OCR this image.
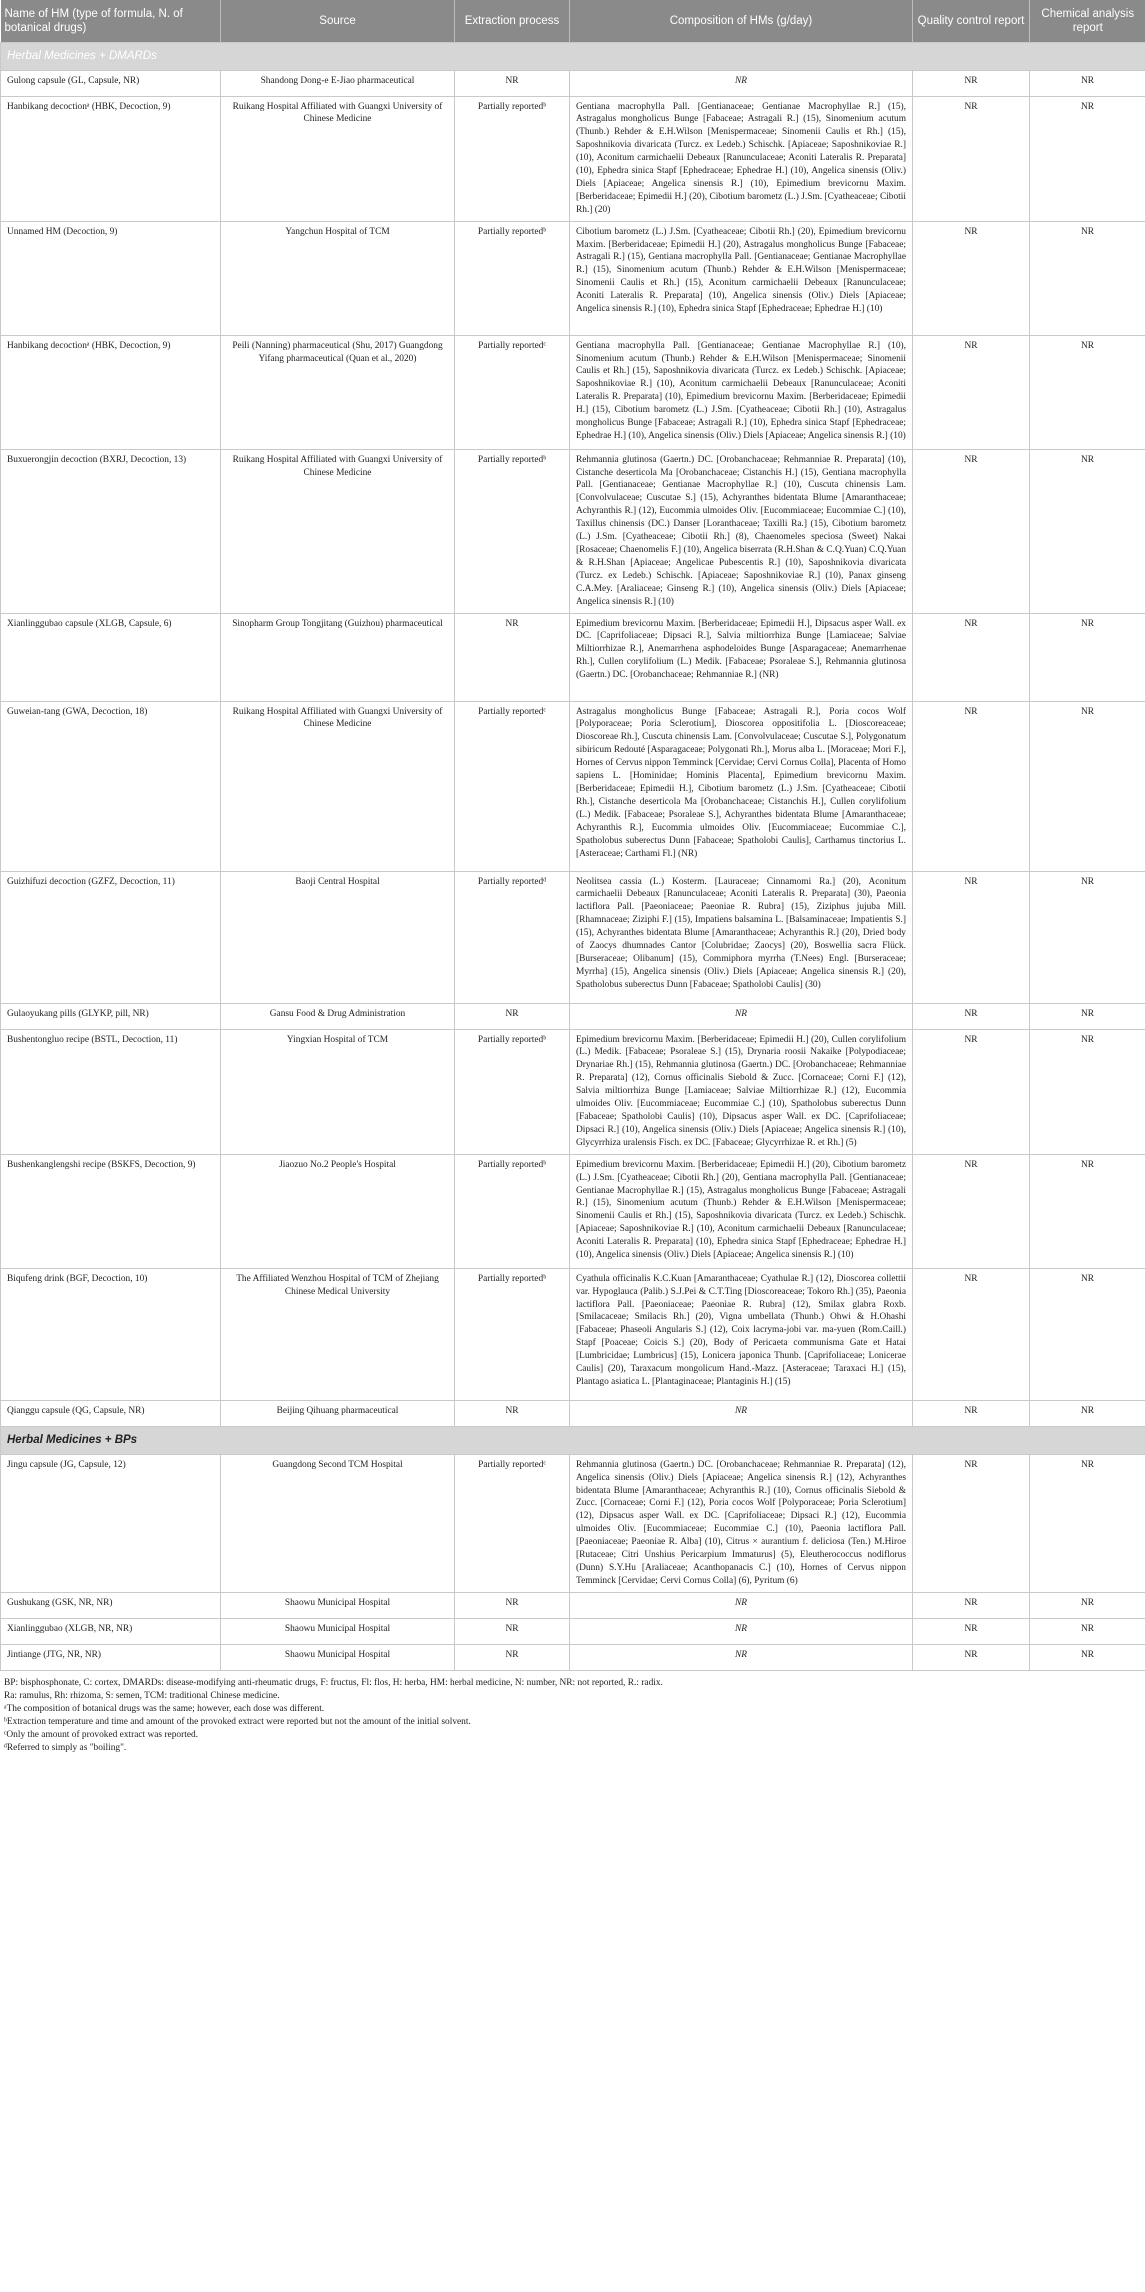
Name of HM (type of formula, N. of botanical drugs)	Source	Extraction process	Composition of HMs (g/day)	Quality control report	Chemical analysis report
Herbal Medicines + DMARDs					
Gulong capsule (GL, Capsule, NR)	Shandong Dong-e E-Jiao pharmaceutical	NR	NR	NR	NR
Hanbikang decoctionᵃ (HBK, Decoction, 9)	Ruikang Hospital Affiliated with Guangxi University of Chinese Medicine	Partially reportedᵇ	Gentiana macrophylla Pall. [Gentianaceae; Gentianae Macrophyllae R.] (15), Astragalus mongholicus Bunge [Fabaceae; Astragali R.] (15), Sinomenium acutum (Thunb.) Rehder & E.H.Wilson [Menispermaceae; Sinomenii Caulis et Rh.] (15), Saposhnikovia divaricata (Turcz. ex Ledeb.) Schischk. [Apiaceae; Saposhnikoviae R.] (10), Aconitum carmichaelii Debeaux [Ranunculaceae; Aconiti Lateralis R. Preparata] (10), Ephedra sinica Stapf [Ephedraceae; Ephedrae H.] (10), Angelica sinensis (Oliv.) Diels [Apiaceae; Angelica sinensis R.] (10), Epimedium brevicornu Maxim. [Berberidaceae; Epimedii H.] (20), Cibotium barometz (L.) J.Sm. [Cyatheaceae; Cibotii Rh.] (20)	NR	NR
Unnamed HM (Decoction, 9)	Yangchun Hospital of TCM	Partially reportedᵇ	Cibotium barometz (L.) J.Sm. [Cyatheaceae; Cibotii Rh.] (20), Epimedium brevicornu Maxim. [Berberidaceae; Epimedii H.] (20), Astragalus mongholicus Bunge [Fabaceae; Astragali R.] (15), Gentiana macrophylla Pall. [Gentianaceae; Gentianae Macrophyllae R.] (15), Sinomenium acutum (Thunb.) Rehder & E.H.Wilson [Menispermaceae; Sinomenii Caulis et Rh.] (15), Aconitum carmichaelii Debeaux [Ranunculaceae; Aconiti Lateralis R. Preparata] (10), Angelica sinensis (Oliv.) Diels [Apiaceae; Angelica sinensis R.] (10), Ephedra sinica Stapf [Ephedraceae; Ephedrae H.] (10)	NR	NR
Hanbikang decoctionᵃ (HBK, Decoction, 9)	Peili (Nanning) pharmaceutical (Shu, 2017) Guangdong Yifang pharmaceutical (Quan et al., 2020)	Partially reportedᶜ	Gentiana macrophylla Pall. [Gentianaceae; Gentianae Macrophyllae R.] (10), Sinomenium acutum (Thunb.) Rehder & E.H.Wilson [Menispermaceae; Sinomenii Caulis et Rh.] (15), Saposhnikovia divaricata (Turcz. ex Ledeb.) Schischk. [Apiaceae; Saposhnikoviae R.] (10), Aconitum carmichaelii Debeaux [Ranunculaceae; Aconiti Lateralis R. Preparata] (10), Epimedium brevicornu Maxim. [Berberidaceae; Epimedii H.] (15), Cibotium barometz (L.) J.Sm. [Cyatheaceae; Cibotii Rh.] (10), Astragalus mongholicus Bunge [Fabaceae; Astragali R.] (10), Ephedra sinica Stapf [Ephedraceae; Ephedrae H.] (10), Angelica sinensis (Oliv.) Diels [Apiaceae; Angelica sinensis R.] (10)	NR	NR
Buxuerongjin decoction (BXRJ, Decoction, 13)	Ruikang Hospital Affiliated with Guangxi University of Chinese Medicine	Partially reportedᵇ	Rehmannia glutinosa (Gaertn.) DC. [Orobanchaceae; Rehmanniae R. Preparata] (10), Cistanche deserticola Ma [Orobanchaceae; Cistanchis H.] (15), Gentiana macrophylla Pall. [Gentianaceae; Gentianae Macrophyllae R.] (10), Cuscuta chinensis Lam. [Convolvulaceae; Cuscutae S.] (15), Achyranthes bidentata Blume [Amaranthaceae; Achyranthis R.] (12), Eucommia ulmoides Oliv. [Eucommiaceae; Eucommiae C.] (10), Taxillus chinensis (DC.) Danser [Loranthaceae; Taxilli Ra.] (15), Cibotium barometz (L.) J.Sm. [Cyatheaceae; Cibotii Rh.] (8), Chaenomeles speciosa (Sweet) Nakai [Rosaceae; Chaenomelis F.] (10), Angelica biserrata (R.H.Shan & C.Q.Yuan) C.Q.Yuan & R.H.Shan [Apiaceae; Angelicae Pubescentis R.] (10), Saposhnikovia divaricata (Turcz. ex Ledeb.) Schischk. [Apiaceae; Saposhnikoviae R.] (10), Panax ginseng C.A.Mey. [Araliaceae; Ginseng R.] (10), Angelica sinensis (Oliv.) Diels [Apiaceae; Angelica sinensis R.] (10)	NR	NR
Xianlinggubao capsule (XLGB, Capsule, 6)	Sinopharm Group Tongjitang (Guizhou) pharmaceutical	NR	Epimedium brevicornu Maxim. [Berberidaceae; Epimedii H.], Dipsacus asper Wall. ex DC. [Caprifoliaceae; Dipsaci R.], Salvia miltiorrhiza Bunge [Lamiaceae; Salviae Miltiorrhizae R.], Anemarrhena asphodeloides Bunge [Asparagaceae; Anemarrhenae Rh.], Cullen corylifolium (L.) Medik. [Fabaceae; Psoraleae S.], Rehmannia glutinosa (Gaertn.) DC. [Orobanchaceae; Rehmanniae R.] (NR)	NR	NR
Guweian-tang (GWA, Decoction, 18)	Ruikang Hospital Affiliated with Guangxi University of Chinese Medicine	Partially reportedᶜ	Astragalus mongholicus Bunge [Fabaceae; Astragali R.], Poria cocos Wolf [Polyporaceae; Poria Sclerotium], Dioscorea oppositifolia L. [Dioscoreaceae; Dioscoreae Rh.], Cuscuta chinensis Lam. [Convolvulaceae; Cuscutae S.], Polygonatum sibiricum Redouté [Asparagaceae; Polygonati Rh.], Morus alba L. [Moraceae; Mori F.], Hornes of Cervus nippon Temminck [Cervidae; Cervi Cornus Colla], Placenta of Homo sapiens L. [Hominidae; Hominis Placenta], Epimedium brevicornu Maxim. [Berberidaceae; Epimedii H.], Cibotium barometz (L.) J.Sm. [Cyatheaceae; Cibotii Rh.], Cistanche deserticola Ma [Orobanchaceae; Cistanchis H.], Cullen corylifolium (L.) Medik. [Fabaceae; Psoraleae S.], Achyranthes bidentata Blume [Amaranthaceae; Achyranthis R.], Eucommia ulmoides Oliv. [Eucommiaceae; Eucommiae C.], Spatholobus suberectus Dunn [Fabaceae; Spatholobi Caulis], Carthamus tinctorius L. [Asteraceae; Carthami Fl.] (NR)	NR	NR
Guizhifuzi decoction (GZFZ, Decoction, 11)	Baoji Central Hospital	Partially reportedᵈ	Neolitsea cassia (L.) Kosterm. [Lauraceae; Cinnamomi Ra.] (20), Aconitum carmichaelii Debeaux [Ranunculaceae; Aconiti Lateralis R. Preparata] (30), Paeonia lactiflora Pall. [Paeoniaceae; Paeoniae R. Rubra] (15), Ziziphus jujuba Mill. [Rhamnaceae; Ziziphi F.] (15), Impatiens balsamina L. [Balsaminaceae; Impatientis S.] (15), Achyranthes bidentata Blume [Amaranthaceae; Achyranthis R.] (20), Dried body of Zaocys dhumnades Cantor [Colubridae; Zaocys] (20), Boswellia sacra Flück. [Burseraceae; Olibanum] (15), Commiphora myrrha (T.Nees) Engl. [Burseraceae; Myrrha] (15), Angelica sinensis (Oliv.) Diels [Apiaceae; Angelica sinensis R.] (20), Spatholobus suberectus Dunn [Fabaceae; Spatholobi Caulis] (30)	NR	NR
Gulaoyukang pills (GLYKP, pill, NR)	Gansu Food & Drug Administration	NR	NR	NR	NR
Bushentongluo recipe (BSTL, Decoction, 11)	Yingxian Hospital of TCM	Partially reportedᵇ	Epimedium brevicornu Maxim. [Berberidaceae; Epimedii H.] (20), Cullen corylifolium (L.) Medik. [Fabaceae; Psoraleae S.] (15), Drynaria roosii Nakaike [Polypodiaceae; Drynariae Rh.] (15), Rehmannia glutinosa (Gaertn.) DC. [Orobanchaceae; Rehmanniae R. Preparata] (12), Cornus officinalis Siebold & Zucc. [Cornaceae; Corni F.] (12), Salvia miltiorrhiza Bunge [Lamiaceae; Salviae Miltiorrhizae R.] (12), Eucommia ulmoides Oliv. [Eucommiaceae; Eucommiae C.] (10), Spatholobus suberectus Dunn [Fabaceae; Spatholobi Caulis] (10), Dipsacus asper Wall. ex DC. [Caprifoliaceae; Dipsaci R.] (10), Angelica sinensis (Oliv.) Diels [Apiaceae; Angelica sinensis R.] (10), Glycyrrhiza uralensis Fisch. ex DC. [Fabaceae; Glycyrrhizae R. et Rh.] (5)	NR	NR
Bushenkanglengshi recipe (BSKFS, Decoction, 9)	Jiaozuo No.2 People's Hospital	Partially reportedᵇ	Epimedium brevicornu Maxim. [Berberidaceae; Epimedii H.] (20), Cibotium barometz (L.) J.Sm. [Cyatheaceae; Cibotii Rh.] (20), Gentiana macrophylla Pall. [Gentianaceae; Gentianae Macrophyllae R.] (15), Astragalus mongholicus Bunge [Fabaceae; Astragali R.] (15), Sinomenium acutum (Thunb.) Rehder & E.H.Wilson [Menispermaceae; Sinomenii Caulis et Rh.] (15), Saposhnikovia divaricata (Turcz. ex Ledeb.) Schischk. [Apiaceae; Saposhnikoviae R.] (10), Aconitum carmichaelii Debeaux [Ranunculaceae; Aconiti Lateralis R. Preparata] (10), Ephedra sinica Stapf [Ephedraceae; Ephedrae H.] (10), Angelica sinensis (Oliv.) Diels [Apiaceae; Angelica sinensis R.] (10)	NR	NR
Biqufeng drink (BGF, Decoction, 10)	The Affiliated Wenzhou Hospital of TCM of Zhejiang Chinese Medical University	Partially reportedᵇ	Cyathula officinalis K.C.Kuan [Amaranthaceae; Cyathulae R.] (12), Dioscorea collettii var. Hypoglauca (Palib.) S.J.Pei & C.T.Ting [Dioscoreaceae; Tokoro Rh.] (35), Paeonia lactiflora Pall. [Paeoniaceae; Paeoniae R. Rubra] (12), Smilax glabra Roxb. [Smilacaceae; Smilacis Rh.] (20), Vigna umbellata (Thunb.) Ohwi & H.Ohashi [Fabaceae; Phaseoli Angularis S.] (12), Coix lacryma-jobi var. ma-yuen (Rom.Caill.) Stapf [Poaceae; Coicis S.] (20), Body of Pericaeta communisma Gate et Hatai [Lumbricidae; Lumbricus] (15), Lonicera japonica Thunb. [Caprifoliaceae; Lonicerae Caulis] (20), Taraxacum mongolicum Hand.-Mazz. [Asteraceae; Taraxaci H.] (15), Plantago asiatica L. [Plantaginaceae; Plantaginis H.] (15)	NR	NR
Qianggu capsule (QG, Capsule, NR)	Beijing Qihuang pharmaceutical	NR	NR	NR	NR
Herbal Medicines + BPs					
Jingu capsule (JG, Capsule, 12)	Guangdong Second TCM Hospital	Partially reportedᶜ	Rehmannia glutinosa (Gaertn.) DC. [Orobanchaceae; Rehmanniae R. Preparata] (12), Angelica sinensis (Oliv.) Diels [Apiaceae; Angelica sinensis R.] (12), Achyranthes bidentata Blume [Amaranthaceae; Achyranthis R.] (10), Cornus officinalis Siebold & Zucc. [Cornaceae; Corni F.] (12), Poria cocos Wolf [Polyporaceae; Poria Sclerotium] (12), Dipsacus asper Wall. ex DC. [Caprifoliaceae; Dipsaci R.] (12), Eucommia ulmoides Oliv. [Eucommiaceae; Eucommiae C.] (10), Paeonia lactiflora Pall. [Paeoniaceae; Paeoniae R. Alba] (10), Citrus × aurantium f. deliciosa (Ten.) M.Hiroe [Rutaceae; Citri Unshius Pericarpium Immaturus] (5), Eleutherococcus nodiflorus (Dunn) S.Y.Hu [Araliaceae; Acanthopanacis C.] (10), Hornes of Cervus nippon Temminck [Cervidae; Cervi Cornus Colla] (6), Pyritum (6)	NR	NR
Gushukang (GSK, NR, NR)	Shaowu Municipal Hospital	NR	NR	NR	NR
Xianlinggubao (XLGB, NR, NR)	Shaowu Municipal Hospital	NR	NR	NR	NR
Jintiange (JTG, NR, NR)	Shaowu Municipal Hospital	NR	NR	NR	NR
BP: bisphosphonate, C: cortex, DMARDs: disease-modifying anti-rheumatic drugs, F: fructus, Fl: flos, H: herba, HM: herbal medicine, N: number, NR: not reported, R.: radix.
Ra: ramulus, Rh: rhizoma, S: semen, TCM: traditional Chinese medicine.
ᵃThe composition of botanical drugs was the same; however, each dose was different.
ᵇExtraction temperature and time and amount of the provoked extract were reported but not the amount of the initial solvent.
ᶜOnly the amount of provoked extract was reported.
ᵈReferred to simply as "boiling".
